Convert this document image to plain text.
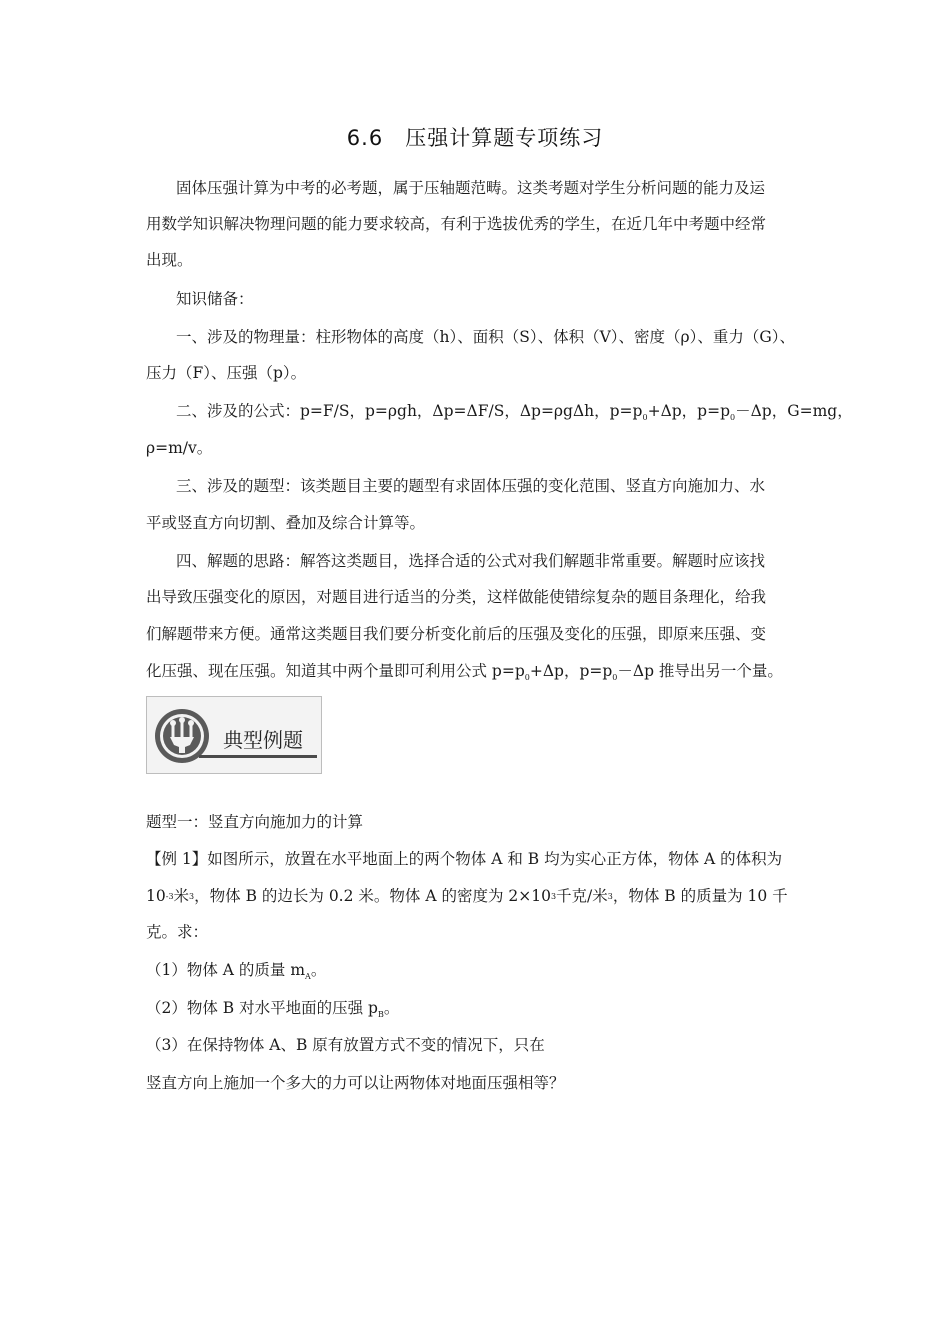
6.6　压强计算题专项练习
固体压强计算为中考的必考题，属于压轴题范畴。这类考题对学生分析问题的能力及运
用数学知识解决物理问题的能力要求较高，有利于选拔优秀的学生，在近几年中考题中经常
出现。
知识储备：
一、涉及的物理量：柱形物体的高度（h）、面积（S）、体积（V）、密度（ρ）、重力（G）、
压力（F）、压强（p）。
二、涉及的公式：p=F/S，p=ρgh，Δp=ΔF/S，Δp=ρgΔh，$p=p_0+\Delta p$，$p=p_0-\Delta p$，G=mg，
ρ=m/v。
三、涉及的题型：该类题目主要的题型有求固体压强的变化范围、竖直方向施加力、水
平或竖直方向切割、叠加及综合计算等。
四、解题的思路：解答这类题目，选择合适的公式对我们解题非常重要。解题时应该找
出导致压强变化的原因，对题目进行适当的分类，这样做能使错综复杂的题目条理化，给我
们解题带来方便。通常这类题目我们要分析变化前后的压强及变化的压强，即原来压强、变
化压强、现在压强。知道其中两个量即可利用公式 $p=p_0+\Delta p$，$p=p_0-\Delta p$ 推导出另一个量。
典型例题
题型一：竖直方向施加力的计算
【例 1】如图所示，放置在水平地面上的两个物体 A 和 B 均为实心正方体，物体 A 的体积为
$10^{-3}$米$^3$，物体 B 的边长为 0.2 米。物体 A 的密度为 $2\times 10^3$千克/米$^3$，物体 B 的质量为 10 千
克。求：
（1）物体 A 的质量 $m_A$。
（2）物体 B 对水平地面的压强 $p_B$。
（3）在保持物体 A、B 原有放置方式不变的情况下，只在
竖直方向上施加一个多大的力可以让两物体对地面压强相等？
